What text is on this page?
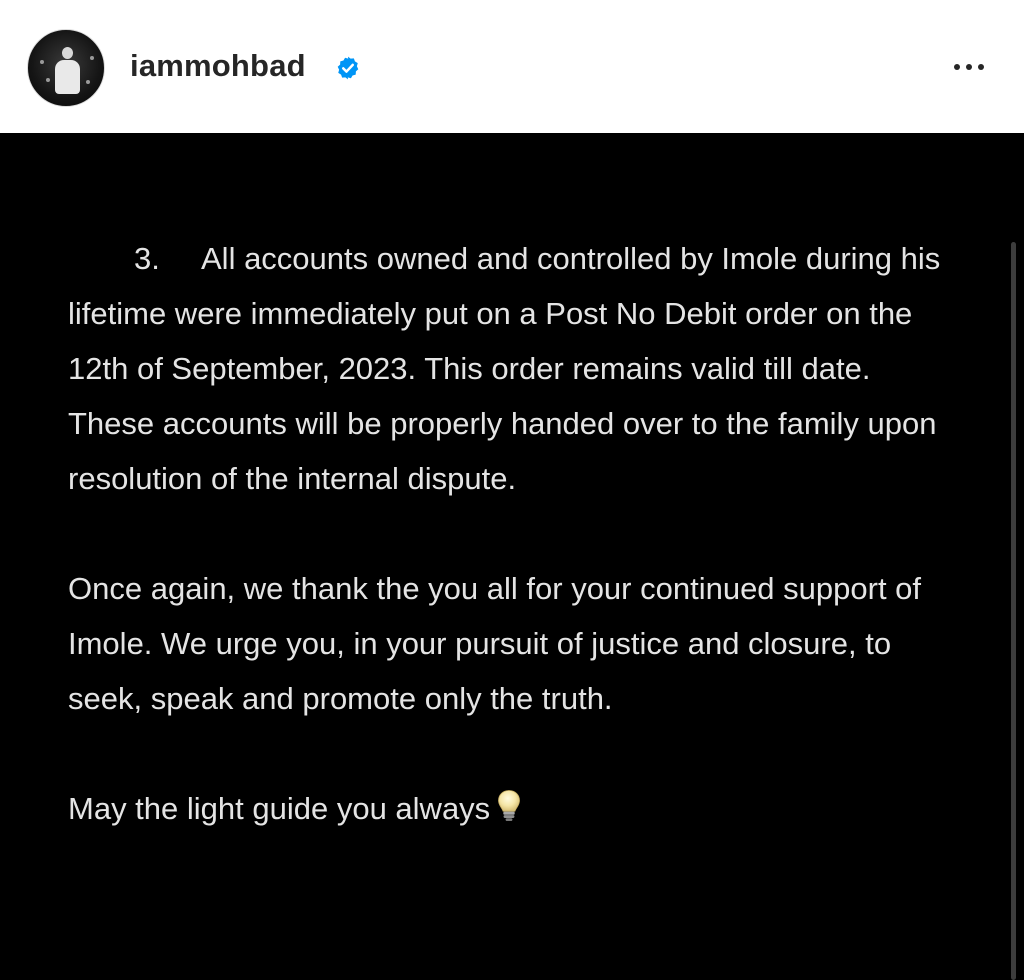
iammohbad

3. All accounts owned and controlled by Imole during his lifetime were immediately put on a Post No Debit order on the 12th of September, 2023. This order remains valid till date. These accounts will be properly handed over to the family upon resolution of the internal dispute.

Once again, we thank the you all for your continued support of Imole. We urge you, in your pursuit of justice and closure, to seek, speak and promote only the truth.

May the light guide you always
